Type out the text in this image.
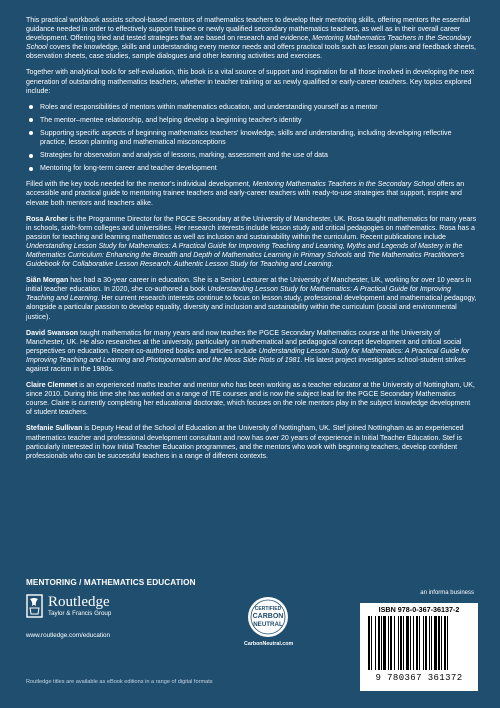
This practical workbook assists school-based mentors of mathematics teachers to develop their mentoring skills, offering mentors the essential guidance needed in order to effectively support trainee or newly qualified secondary mathematics teachers, as well as in their overall career development. Offering tried and tested strategies that are based on research and evidence, Mentoring Mathematics Teachers in the Secondary School covers the knowledge, skills and understanding every mentor needs and offers practical tools such as lesson plans and feedback sheets, observation sheets, case studies, sample dialogues and other learning activities and exercises.

Together with analytical tools for self-evaluation, this book is a vital source of support and inspiration for all those involved in developing the next generation of outstanding mathematics teachers, whether in teacher training or as newly qualified or early-career teachers. Key topics explored include:

Roles and responsibilities of mentors within mathematics education, and understanding yourself as a mentor
The mentor–mentee relationship, and helping develop a beginning teacher's identity
Supporting specific aspects of beginning mathematics teachers' knowledge, skills and understanding, including developing reflective practice, lesson planning and mathematical misconceptions
Strategies for observation and analysis of lessons, marking, assessment and the use of data
Mentoring for long-term career and teacher development

Filled with the key tools needed for the mentor's individual development, Mentoring Mathematics Teachers in the Secondary School offers an accessible and practical guide to mentoring trainee teachers and early-career teachers with ready-to-use strategies that support, inspire and elevate both mentors and teachers alike.

Rosa Archer is the Programme Director for the PGCE Secondary at the University of Manchester, UK. Rosa taught mathematics for many years in schools, sixth-form colleges and universities. Her research interests include lesson study and critical pedagogies on mathematics. Rosa has a passion for teaching and learning mathematics as well as inclusion and sustainability within the curriculum. Recent publications include Understanding Lesson Study for Mathematics: A Practical Guide for Improving Teaching and Learning, Myths and Legends of Mastery in the Mathematics Curriculum: Enhancing the Breadth and Depth of Mathematics Learning in Primary Schools and The Mathematics Practitioner's Guidebook for Collaborative Lesson Research: Authentic Lesson Study for Teaching and Learning.

Siân Morgan has had a 30-year career in education. She is a Senior Lecturer at the University of Manchester, UK, working for over 10 years in initial teacher education. In 2020, she co-authored a book Understanding Lesson Study for Mathematics: A Practical Guide for Improving Teaching and Learning. Her current research interests continue to focus on lesson study, professional development and mathematical pedagogy, alongside a particular passion to develop equality, diversity and inclusion and sustainability within the curriculum (social and environmental justice).

David Swanson taught mathematics for many years and now teaches the PGCE Secondary Mathematics course at the University of Manchester, UK. He also researches at the university, particularly on mathematical and pedagogical concept development and critical social perspectives on education. Recent co-authored books and articles include Understanding Lesson Study for Mathematics: A Practical Guide for Improving Teaching and Learning and Photojournalism and the Moss Side Riots of 1981. His latest project investigates school-student strikes against racism in the 1980s.

Claire Clemmet is an experienced maths teacher and mentor who has been working as a teacher educator at the University of Nottingham, UK, since 2010. During this time she has worked on a range of ITE courses and is now the subject lead for the PGCE Secondary Mathematics course. Claire is currently completing her educational doctorate, which focuses on the role mentors play in the subject knowledge development of student teachers.

Stefanie Sullivan is Deputy Head of the School of Education at the University of Nottingham, UK. Stef joined Nottingham as an experienced mathematics teacher and professional development consultant and now has over 20 years of experience in Initial Teacher Education. Stef is particularly interested in how Initial Teacher Education programmes, and the mentors who work with beginning teachers, develop confident professionals who can be successful teachers in a range of different contexts.

MENTORING / MATHEMATICS EDUCATION
Routledge
Taylor & Francis Group
www.routledge.com/education
CERTIFIED
CARBON
NEUTRAL
CarbonNeutral.com
an informa business
ISBN 978-0-367-36137-2
9 780367 361372
Routledge titles are available as eBook editions in a range of digital formats
